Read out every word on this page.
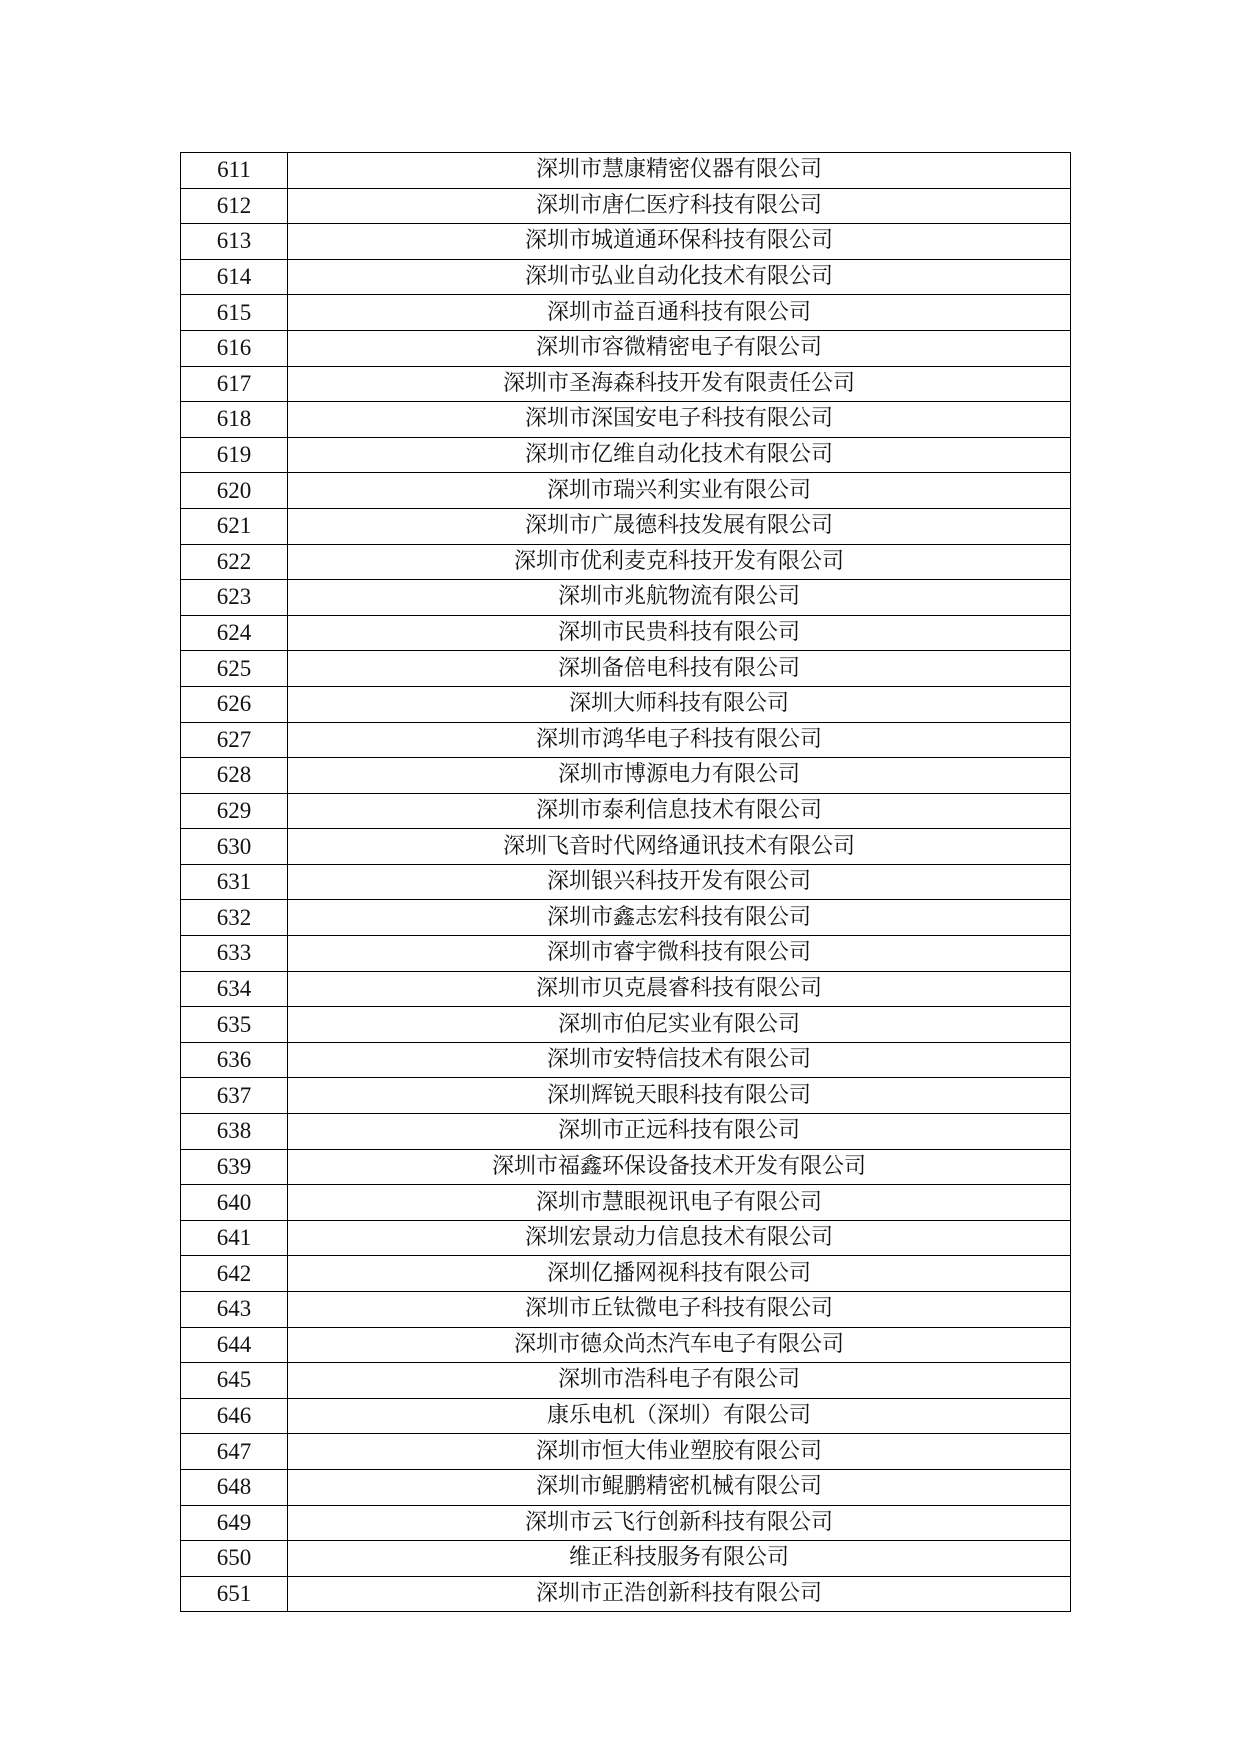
611	深圳市慧康精密仪器有限公司
612	深圳市唐仁医疗科技有限公司
613	深圳市城道通环保科技有限公司
614	深圳市弘业自动化技术有限公司
615	深圳市益百通科技有限公司
616	深圳市容微精密电子有限公司
617	深圳市圣海森科技开发有限责任公司
618	深圳市深国安电子科技有限公司
619	深圳市亿维自动化技术有限公司
620	深圳市瑞兴利实业有限公司
621	深圳市广晟德科技发展有限公司
622	深圳市优利麦克科技开发有限公司
623	深圳市兆航物流有限公司
624	深圳市民贵科技有限公司
625	深圳备倍电科技有限公司
626	深圳大师科技有限公司
627	深圳市鸿华电子科技有限公司
628	深圳市博源电力有限公司
629	深圳市泰利信息技术有限公司
630	深圳飞音时代网络通讯技术有限公司
631	深圳银兴科技开发有限公司
632	深圳市鑫志宏科技有限公司
633	深圳市睿宇微科技有限公司
634	深圳市贝克晨睿科技有限公司
635	深圳市伯尼实业有限公司
636	深圳市安特信技术有限公司
637	深圳辉锐天眼科技有限公司
638	深圳市正远科技有限公司
639	深圳市福鑫环保设备技术开发有限公司
640	深圳市慧眼视讯电子有限公司
641	深圳宏景动力信息技术有限公司
642	深圳亿播网视科技有限公司
643	深圳市丘钛微电子科技有限公司
644	深圳市德众尚杰汽车电子有限公司
645	深圳市浩科电子有限公司
646	康乐电机（深圳）有限公司
647	深圳市恒大伟业塑胶有限公司
648	深圳市鲲鹏精密机械有限公司
649	深圳市云飞行创新科技有限公司
650	维正科技服务有限公司
651	深圳市正浩创新科技有限公司
